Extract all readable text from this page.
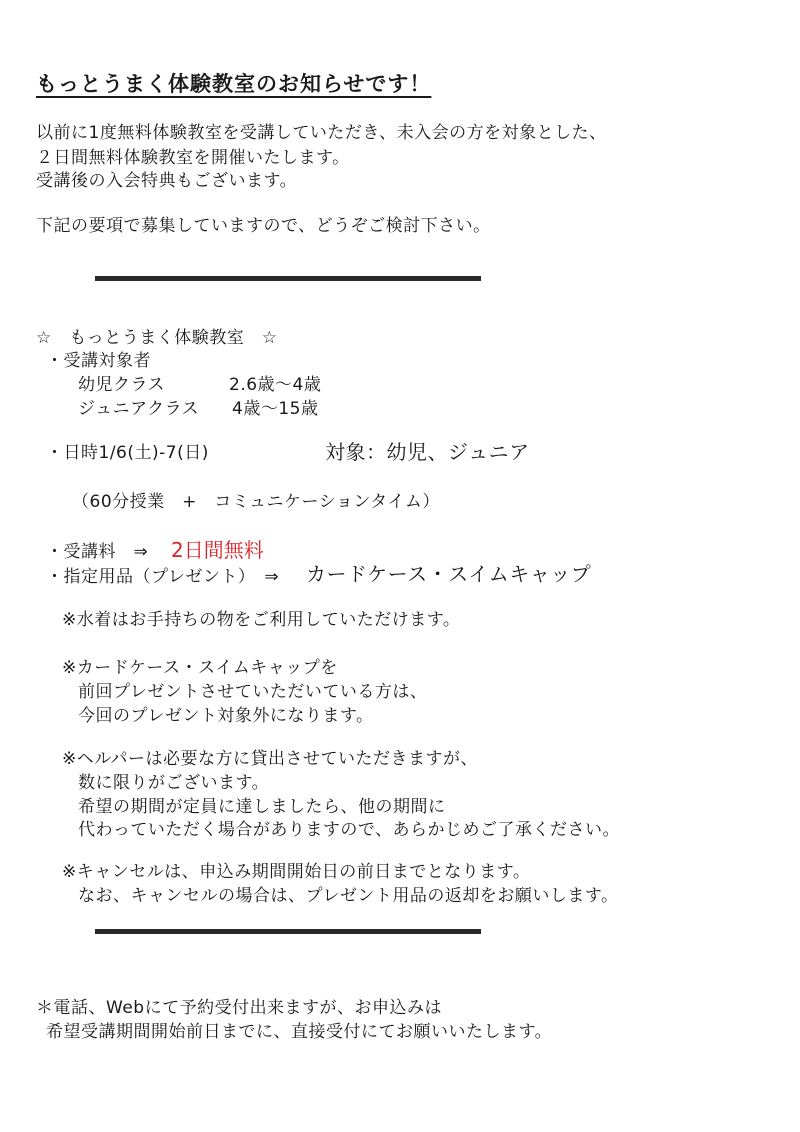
もっとうまく体験教室のお知らせです！
以前に1度無料体験教室を受講していただき、未入会の方を対象とした、
２日間無料体験教室を開催いたします。
受講後の入会特典もございます。
下記の要項で募集していますので、どうぞご検討下さい。
☆　もっとうまく体験教室　☆
・受講対象者
幼児クラス	2.6歳～4歳
ジュニアクラス 4歳～15歳
・日時1/6(土)-7(日)	対象：幼児、ジュニア
（60分授業　+　コミュニケーションタイム）
・受講料　⇒ 2日間無料
・指定用品（プレゼント）　⇒ カードケース・スイムキャップ
※水着はお手持ちの物をご利用していただけます。
※カードケース・スイムキャップを
前回プレゼントさせていただいている方は、
今回のプレゼント対象外になります。
※ヘルパーは必要な方に貸出させていただきますが、
数に限りがございます。
希望の期間が定員に達しましたら、他の期間に
代わっていただく場合がありますので、あらかじめご了承ください。
※キャンセルは、申込み期間開始日の前日までとなります。
なお、キャンセルの場合は、プレゼント用品の返却をお願いします。
＊電話、Webにて予約受付出来ますが、お申込みは
希望受講期間開始前日までに、直接受付にてお願いいたします。
